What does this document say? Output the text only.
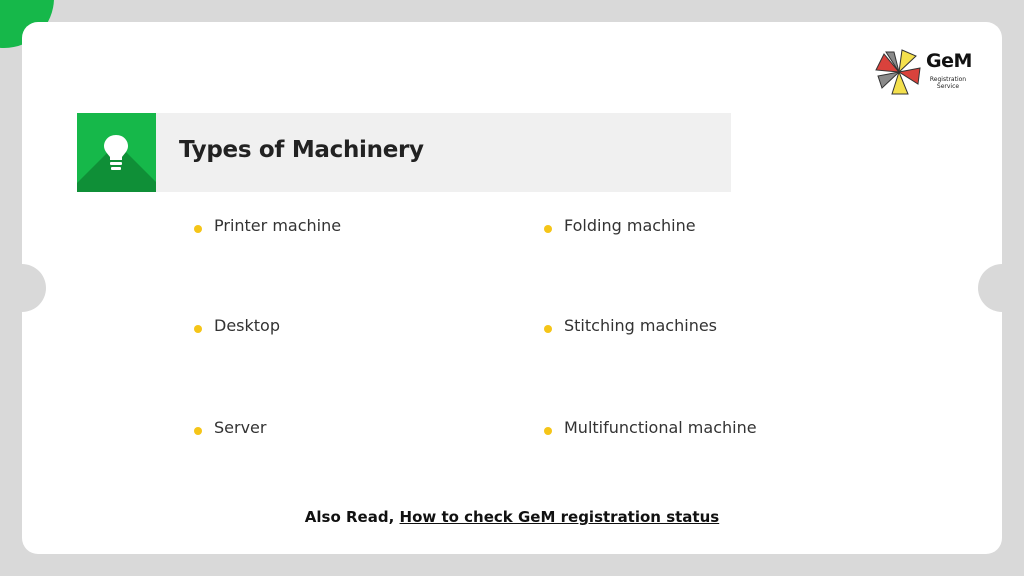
GeM
Registration Service
Types of Machinery
Printer machine
Desktop
Server
Folding machine
Stitching machines
Multifunctional machine
Also Read, How to check GeM registration status
